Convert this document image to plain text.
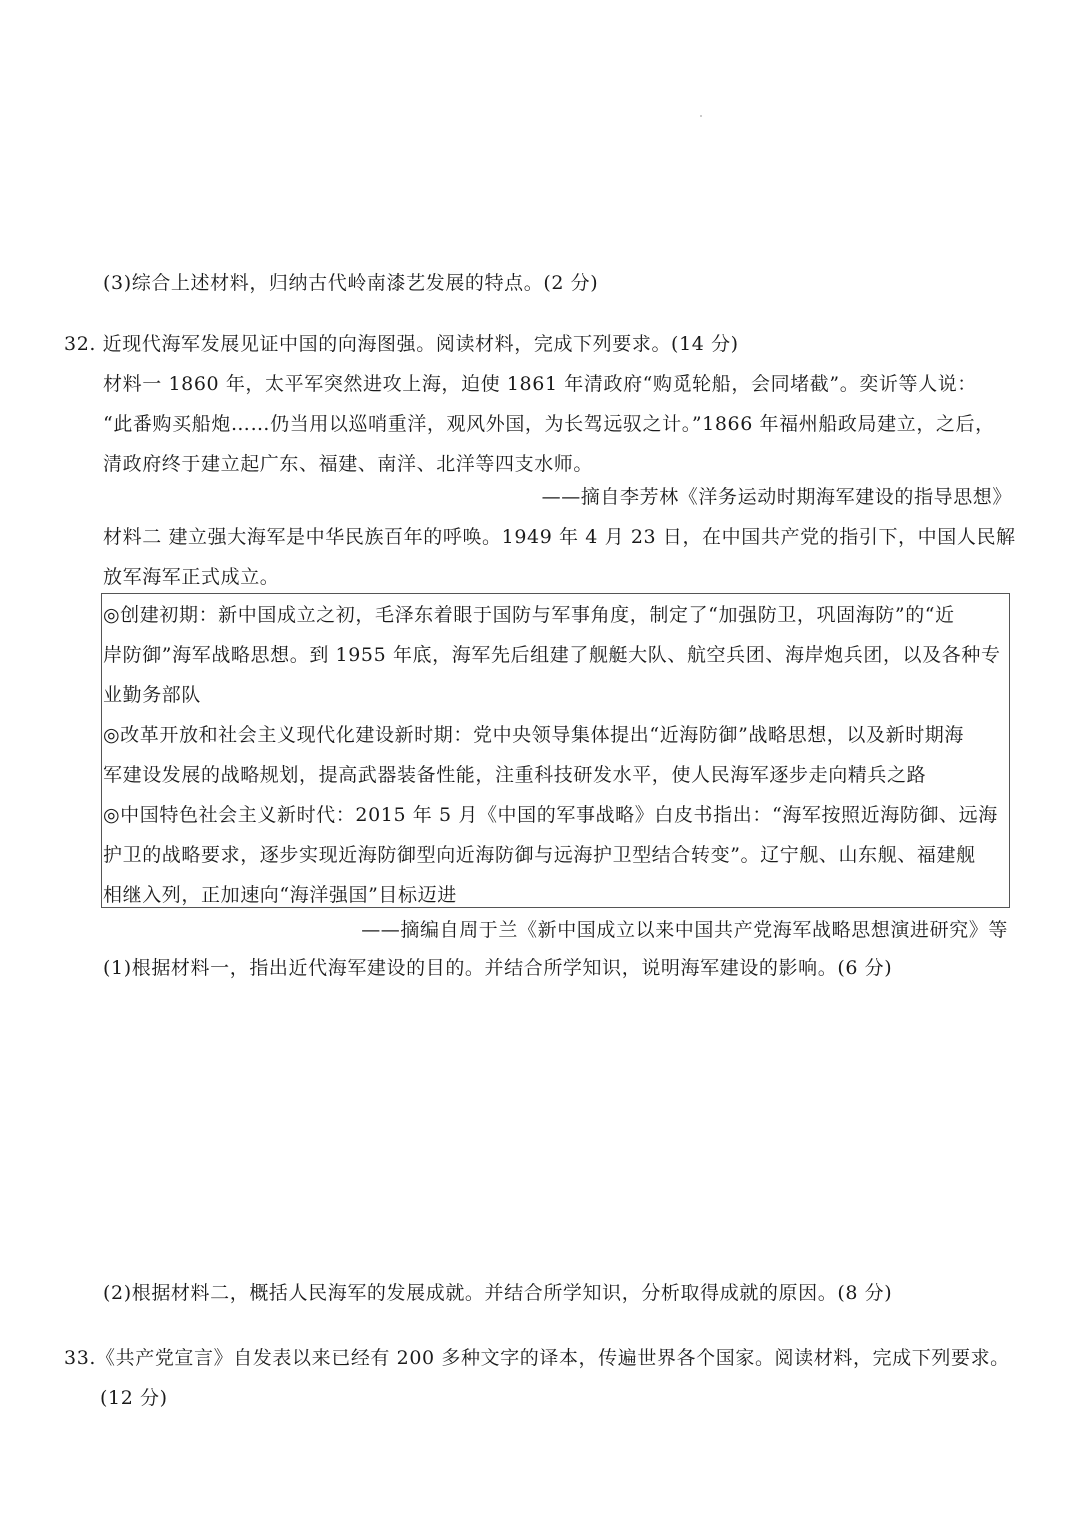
(3)综合上述材料，归纳古代岭南漆艺发展的特点。(2 分)
32. 近现代海军发展见证中国的向海图强。阅读材料，完成下列要求。(14 分)
材料一 1860 年，太平军突然进攻上海，迫使 1861 年清政府“购觅轮船，会同堵截”。奕䜣等人说：
“此番购买船炮……仍当用以巡哨重洋，观风外国，为长驾远驭之计。”1866 年福州船政局建立，之后，
清政府终于建立起广东、福建、南洋、北洋等四支水师。
——摘自李芳林《洋务运动时期海军建设的指导思想》
材料二 建立强大海军是中华民族百年的呼唤。1949 年 4 月 23 日，在中国共产党的指引下，中国人民解
放军海军正式成立。
◎创建初期：新中国成立之初，毛泽东着眼于国防与军事角度，制定了“加强防卫，巩固海防”的“近
岸防御”海军战略思想。到 1955 年底，海军先后组建了舰艇大队、航空兵团、海岸炮兵团，以及各种专
业勤务部队
◎改革开放和社会主义现代化建设新时期：党中央领导集体提出“近海防御”战略思想，以及新时期海
军建设发展的战略规划，提高武器装备性能，注重科技研发水平，使人民海军逐步走向精兵之路
◎中国特色社会主义新时代：2015 年 5 月《中国的军事战略》白皮书指出：“海军按照近海防御、远海
护卫的战略要求，逐步实现近海防御型向近海防御与远海护卫型结合转变”。辽宁舰、山东舰、福建舰
相继入列，正加速向“海洋强国”目标迈进
——摘编自周于兰《新中国成立以来中国共产党海军战略思想演进研究》等
(1)根据材料一，指出近代海军建设的目的。并结合所学知识，说明海军建设的影响。(6 分)
(2)根据材料二，概括人民海军的发展成就。并结合所学知识，分析取得成就的原因。(8 分)
33.《共产党宣言》自发表以来已经有 200 多种文字的译本，传遍世界各个国家。阅读材料，完成下列要求。
(12 分)
